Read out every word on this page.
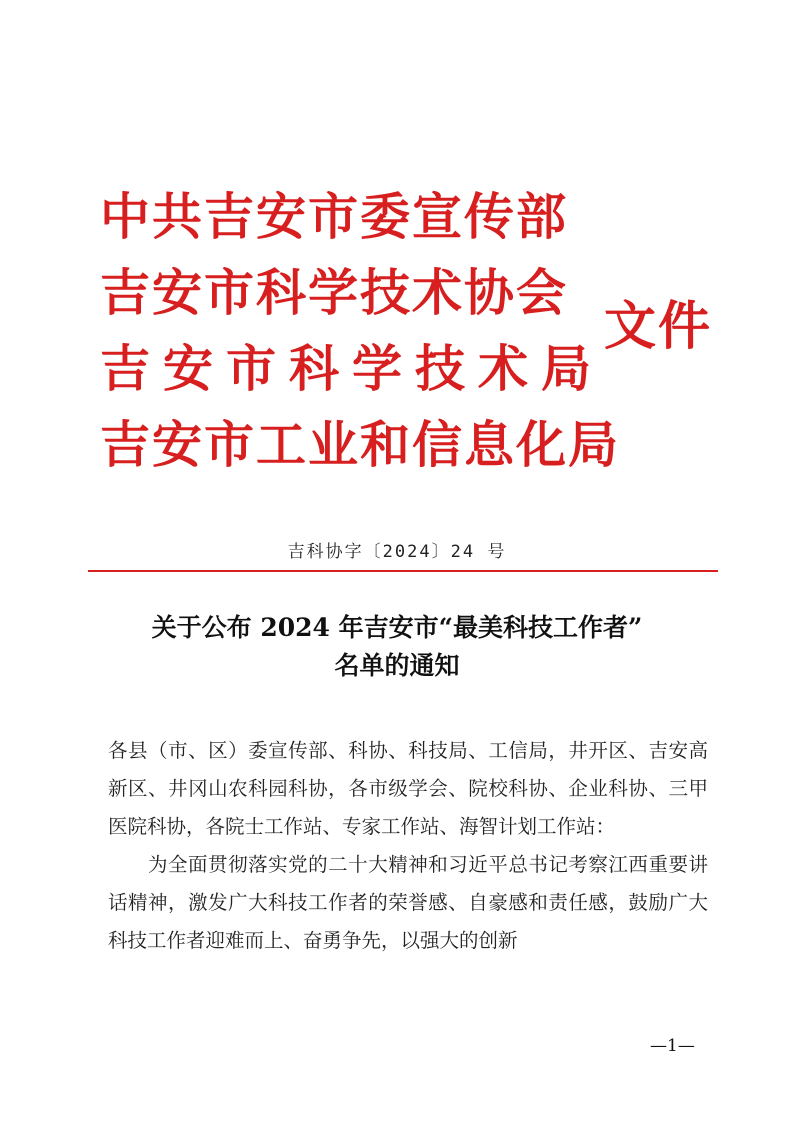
中共吉安市委宣传部
吉安市科学技术协会
吉安市科学技术局
吉安市工业和信息化局
文件
吉科协字〔2024〕24 号
关于公布 2024 年吉安市“最美科技工作者”
名单的通知

各县（市、区）委宣传部、科协、科技局、工信局，井开区、吉安高新区、井冈山农科园科协，各市级学会、院校科协、企业科协、三甲医院科协，各院士工作站、专家工作站、海智计划工作站：

为全面贯彻落实党的二十大精神和习近平总书记考察江西重要讲话精神，激发广大科技工作者的荣誉感、自豪感和责任感，鼓励广大科技工作者迎难而上、奋勇争先，以强大的创新

—1—
